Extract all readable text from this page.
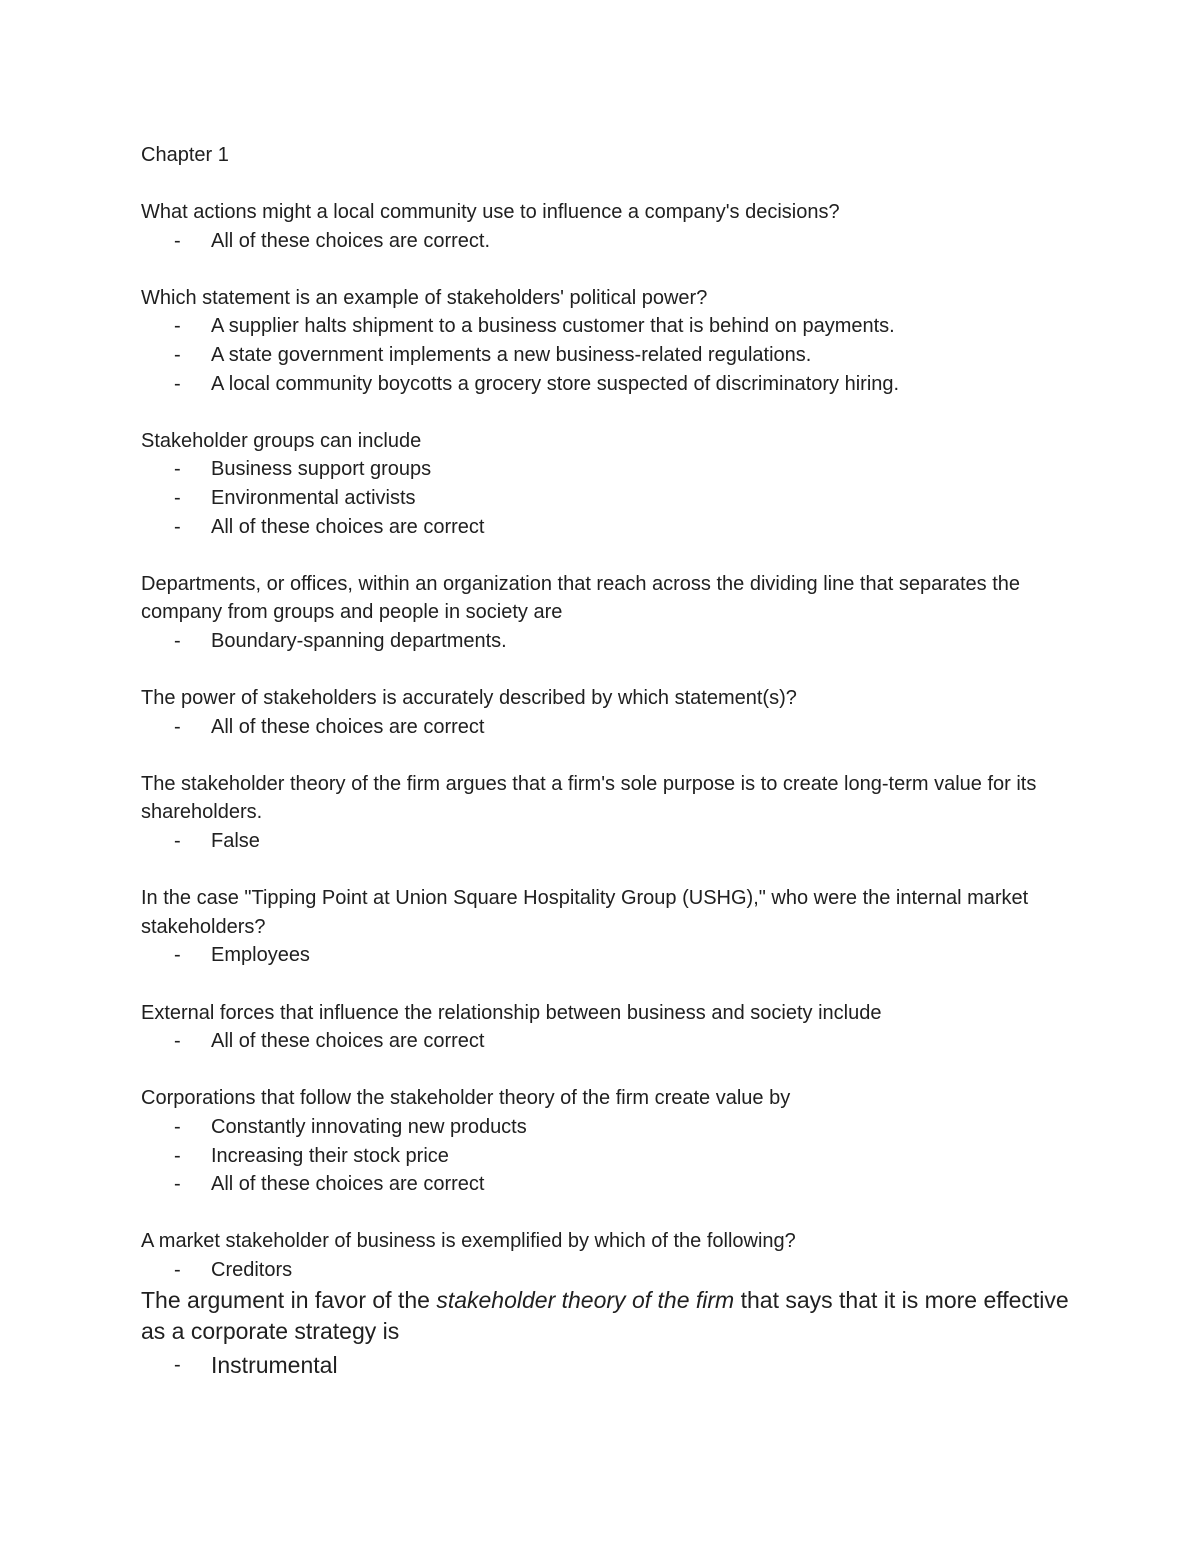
Chapter 1

What actions might a local community use to influence a company's decisions?

- All of these choices are correct.

Which statement is an example of stakeholders' political power?

- A supplier halts shipment to a business customer that is behind on payments.
- A state government implements a new business-related regulations.
- A local community boycotts a grocery store suspected of discriminatory hiring.

Stakeholder groups can include

- Business support groups
- Environmental activists
- All of these choices are correct

Departments, or offices, within an organization that reach across the dividing line that separates the company from groups and people in society are

- Boundary-spanning departments.

The power of stakeholders is accurately described by which statement(s)?

- All of these choices are correct

The stakeholder theory of the firm argues that a firm's sole purpose is to create long-term value for its shareholders.

- False

In the case "Tipping Point at Union Square Hospitality Group (USHG)," who were the internal market stakeholders?

- Employees

External forces that influence the relationship between business and society include

- All of these choices are correct

Corporations that follow the stakeholder theory of the firm create value by

- Constantly innovating new products
- Increasing their stock price
- All of these choices are correct

A market stakeholder of business is exemplified by which of the following?

- Creditors

The argument in favor of the stakeholder theory of the firm that says that it is more effective as a corporate strategy is

- Instrumental
